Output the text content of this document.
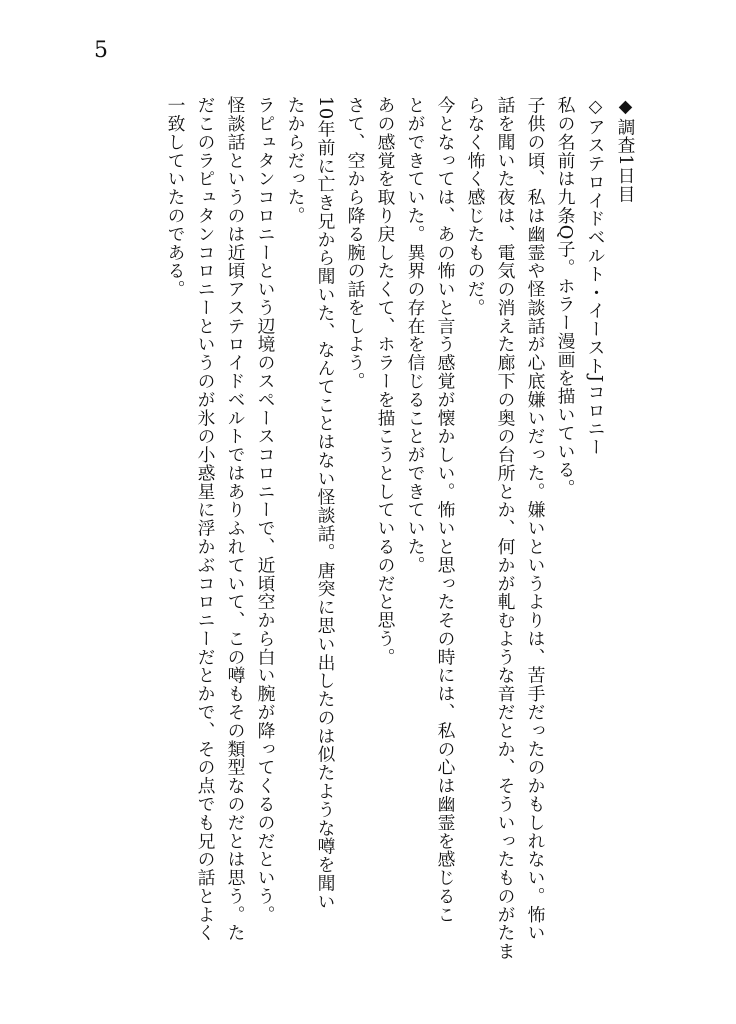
5
◆調査1日目
◇アステロイドベルト・イーストJコロニー
私の名前は九条Q子。ホラー漫画を描いている。
子供の頃、私は幽霊や怪談話が心底嫌いだった。嫌いというよりは、苦手だったのかもしれない。怖い
話を聞いた夜は、電気の消えた廊下の奥の台所とか、何かが軋むような音だとか、そういったものがたま
らなく怖く感じたものだ。
今となっては、あの怖いと言う感覚が懐かしい。怖いと思ったその時には、私の心は幽霊を感じるこ
とができていた。異界の存在を信じることができていた。
あの感覚を取り戻したくて、ホラーを描こうとしているのだと思う。
さて、空から降る腕の話をしよう。
10年前に亡き兄から聞いた、なんてことはない怪談話。唐突に思い出したのは似たような噂を聞い
たからだった。
ラピュタンコロニーという辺境のスペースコロニーで、近頃空から白い腕が降ってくるのだという。
怪談話というのは近頃アステロイドベルトではありふれていて、この噂もその類型なのだとは思う。た
だこのラピュタンコロニーというのが氷の小惑星に浮かぶコロニーだとかで、その点でも兄の話とよく
一致していたのである。
